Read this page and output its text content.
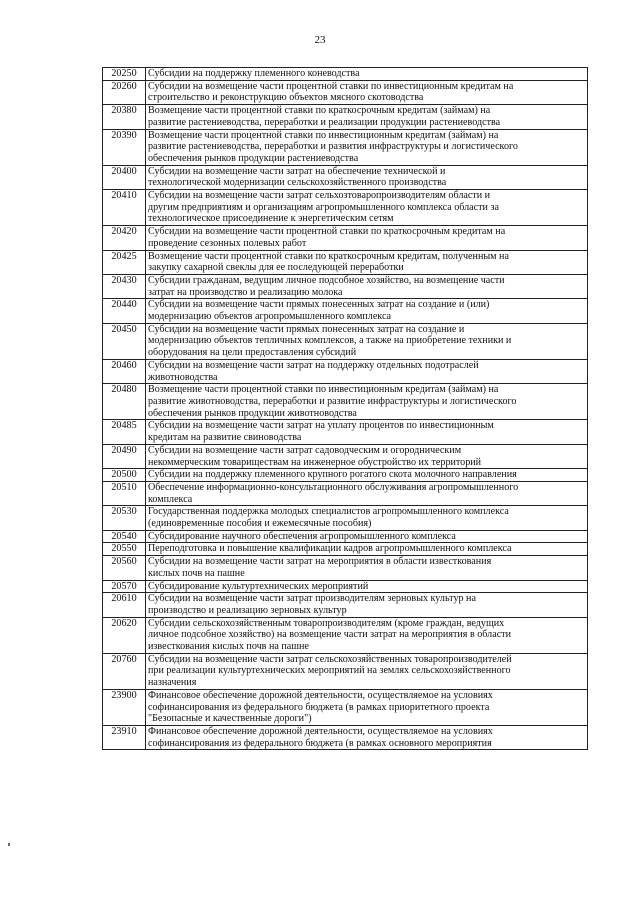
23
20250	Субсидии на поддержку племенного коневодства

20260	Субсидии на возмещение части процентной ставки по инвестиционным кредитам на
строительство и реконструкцию объектов мясного скотоводства

20380	Возмещение части процентной ставки по краткосрочным кредитам (займам) на
развитие растениеводства, переработки и реализации продукции растениеводства

20390	Возмещение части процентной ставки по инвестиционным кредитам (займам) на
развитие растениеводства, переработки и развития инфраструктуры и логистического
обеспечения рынков продукции растениеводства

20400	Субсидии на возмещение части затрат на обеспечение технической и
технологической модернизации сельскохозяйственного производства

20410	Субсидии на возмещение части затрат сельхозтоваропроизводителям области и
другим предприятиям и организациям агропромышленного комплекса области за
технологическое присоединение к энергетическим сетям

20420	Субсидии на возмещение части процентной ставки по краткосрочным кредитам на
проведение сезонных полевых работ

20425	Возмещение части процентной ставки по краткосрочным кредитам, полученным на
закупку сахарной свеклы для ее последующей переработки

20430	Субсидии гражданам, ведущим личное подсобное хозяйство, на возмещение части
затрат на производство и реализацию молока

20440	Субсидии на возмещение части прямых понесенных затрат на создание и (или)
модернизацию объектов агропромышленного комплекса

20450	Субсидии на возмещение части прямых понесенных затрат на создание и
модернизацию объектов тепличных комплексов, а также на приобретение техники и
оборудования на цели предоставления субсидий

20460	Субсидии на возмещение части затрат на поддержку отдельных подотраслей
животноводства

20480	Возмещение части процентной ставки по инвестиционным кредитам (займам) на
развитие животноводства, переработки и развитие инфраструктуры и логистического
обеспечения рынков продукции животноводства

20485	Субсидии на возмещение части затрат на уплату процентов по инвестиционным
кредитам на развитие свиноводства

20490	Субсидии на возмещение части затрат садоводческим и огородническим
некоммерческим товариществам на инженерное обустройство их территорий

20500	Субсидии на поддержку племенного крупного рогатого скота молочного направления

20510	Обеспечение информационно-консультационного обслуживания агропромышленного
комплекса

20530	Государственная поддержка молодых специалистов агропромышленного комплекса
(единовременные пособия и ежемесячные пособия)

20540	Субсидирование научного обеспечения агропромышленного комплекса

20550	Переподготовка и повышение квалификации кадров агропромышленного комплекса

20560	Субсидии на возмещение части затрат на мероприятия в области известкования
кислых почв на пашне

20570	Субсидирование культуртехнических мероприятий

20610	Субсидии на возмещение части затрат производителям зерновых культур на
производство и реализацию зерновых культур

20620	Субсидии сельскохозяйственным товаропроизводителям (кроме граждан, ведущих
личное подсобное хозяйство) на возмещение части затрат на мероприятия в области
известкования кислых почв на пашне

20760	Субсидии на возмещение части затрат сельскохозяйственных товаропроизводителей
при реализации культуртехнических мероприятий на землях сельскохозяйственного
назначения

23900	Финансовое обеспечение дорожной деятельности, осуществляемое на условиях
софинансирования из федерального бюджета (в рамках приоритетного проекта
"Безопасные и качественные дороги")

23910	Финансовое обеспечение дорожной деятельности, осуществляемое на условиях
софинансирования из федерального бюджета (в рамках основного мероприятия
